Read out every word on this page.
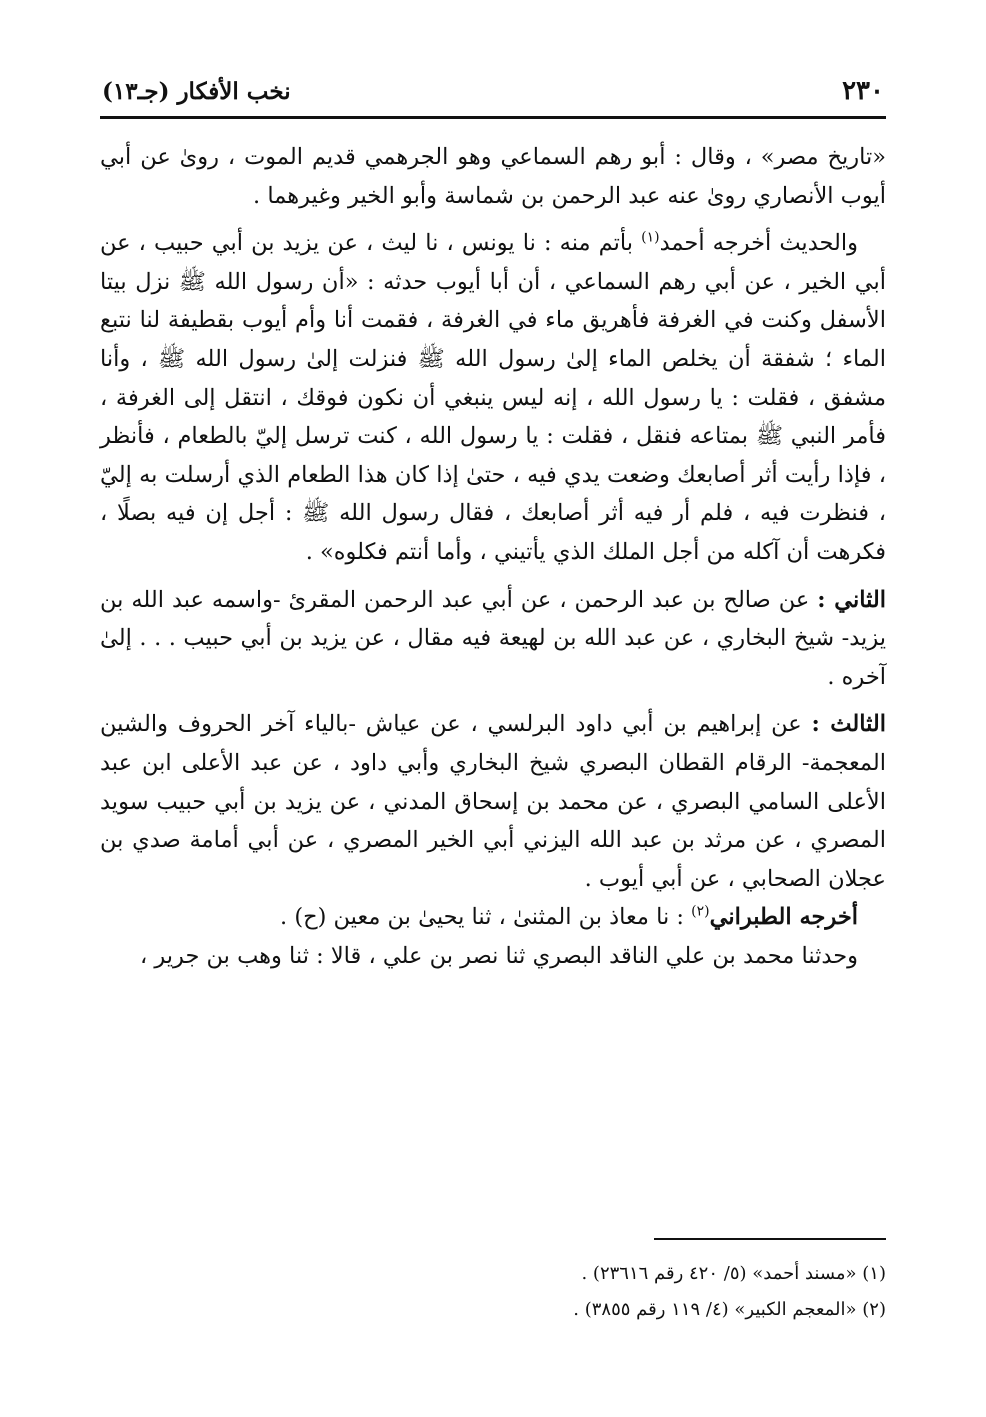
٢٣٠
نخب الأفكار (جـ١٣)

«تاريخ مصر» ، وقال : أبو رهم السماعي وهو الجرهمي قديم الموت ، روىٰ عن أبي أيوب الأنصاري روىٰ عنه عبد الرحمن بن شماسة وأبو الخير وغيرهما .

والحديث أخرجه أحمد$^{(١)}$ بأتم منه : نا يونس ، نا ليث ، عن يزيد بن أبي حبيب ، عن أبي الخير ، عن أبي رهم السماعي ، أن أبا أيوب حدثه : «أن رسول الله ﷺ نزل بيتا الأسفل وكنت في الغرفة فأهريق ماء في الغرفة ، فقمت أنا وأم أيوب بقطيفة لنا نتبع الماء ؛ شفقة أن يخلص الماء إلىٰ رسول الله ﷺ فنزلت إلىٰ رسول الله ﷺ ، وأنا مشفق ، فقلت : يا رسول الله ، إنه ليس ينبغي أن نكون فوقك ، انتقل إلى الغرفة ، فأمر النبي ﷺ بمتاعه فنقل ، فقلت : يا رسول الله ، كنت ترسل إليّ بالطعام ، فأنظر ، فإذا رأيت أثر أصابعك وضعت يدي فيه ، حتىٰ إذا كان هذا الطعام الذي أرسلت به إليّ ، فنظرت فيه ، فلم أر فيه أثر أصابعك ، فقال رسول الله ﷺ : أجل إن فيه بصلًا ، فكرهت أن آكله من أجل الملك الذي يأتيني ، وأما أنتم فكلوه» .

الثاني : عن صالح بن عبد الرحمن ، عن أبي عبد الرحمن المقرئ -واسمه عبد الله بن يزيد- شيخ البخاري ، عن عبد الله بن لهيعة فيه مقال ، عن يزيد بن أبي حبيب . . . إلىٰ آخره .

الثالث : عن إبراهيم بن أبي داود البرلسي ، عن عياش -بالياء آخر الحروف والشين المعجمة- الرقام القطان البصري شيخ البخاري وأبي داود ، عن عبد الأعلى ابن عبد الأعلى السامي البصري ، عن محمد بن إسحاق المدني ، عن يزيد بن أبي حبيب سويد المصري ، عن مرثد بن عبد الله اليزني أبي الخير المصري ، عن أبي أمامة صدي بن عجلان الصحابي ، عن أبي أيوب .

أخرجه الطبراني$^{(٢)}$ : نا معاذ بن المثنىٰ ، ثنا يحيىٰ بن معين (ح) .

وحدثنا محمد بن علي الناقد البصري ثنا نصر بن علي ، قالا : ثنا وهب بن جرير ،

(١) «مسند أحمد» (٥/ ٤٢٠ رقم ٢٣٦١٦) .

(٢) «المعجم الكبير» (٤/ ١١٩ رقم ٣٨٥٥) .
